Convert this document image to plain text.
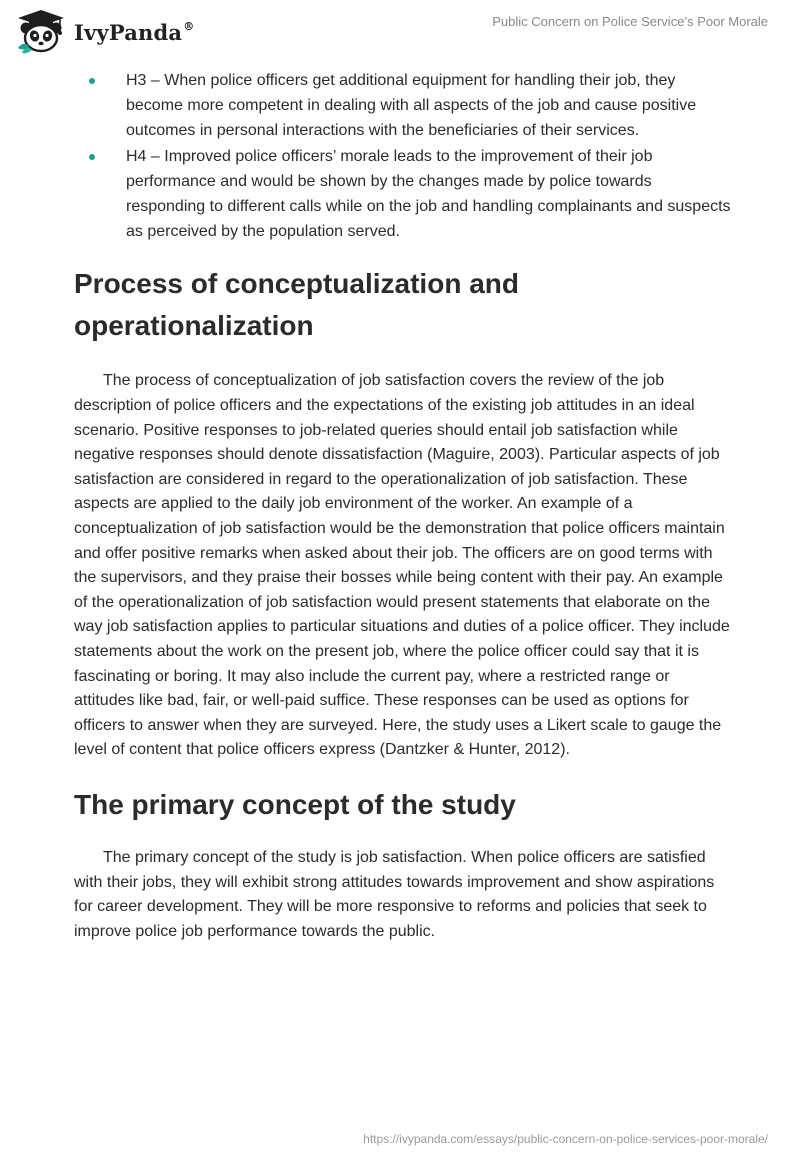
IvyPanda®	Public Concern on Police Service’s Poor Morale
H3 – When police officers get additional equipment for handling their job, they become more competent in dealing with all aspects of the job and cause positive outcomes in personal interactions with the beneficiaries of their services.
H4 – Improved police officers’ morale leads to the improvement of their job performance and would be shown by the changes made by police towards responding to different calls while on the job and handling complainants and suspects as perceived by the population served.
Process of conceptualization and operationalization

The process of conceptualization of job satisfaction covers the review of the job description of police officers and the expectations of the existing job attitudes in an ideal scenario. Positive responses to job-related queries should entail job satisfaction while negative responses should denote dissatisfaction (Maguire, 2003). Particular aspects of job satisfaction are considered in regard to the operationalization of job satisfaction. These aspects are applied to the daily job environment of the worker. An example of a conceptualization of job satisfaction would be the demonstration that police officers maintain and offer positive remarks when asked about their job. The officers are on good terms with the supervisors, and they praise their bosses while being content with their pay. An example of the operationalization of job satisfaction would present statements that elaborate on the way job satisfaction applies to particular situations and duties of a police officer. They include statements about the work on the present job, where the police officer could say that it is fascinating or boring. It may also include the current pay, where a restricted range or attitudes like bad, fair, or well-paid suffice. These responses can be used as options for officers to answer when they are surveyed. Here, the study uses a Likert scale to gauge the level of content that police officers express (Dantzker & Hunter, 2012).

The primary concept of the study

The primary concept of the study is job satisfaction. When police officers are satisfied with their jobs, they will exhibit strong attitudes towards improvement and show aspirations for career development. They will be more responsive to reforms and policies that seek to improve police job performance towards the public.

https://ivypanda.com/essays/public-concern-on-police-services-poor-morale/
